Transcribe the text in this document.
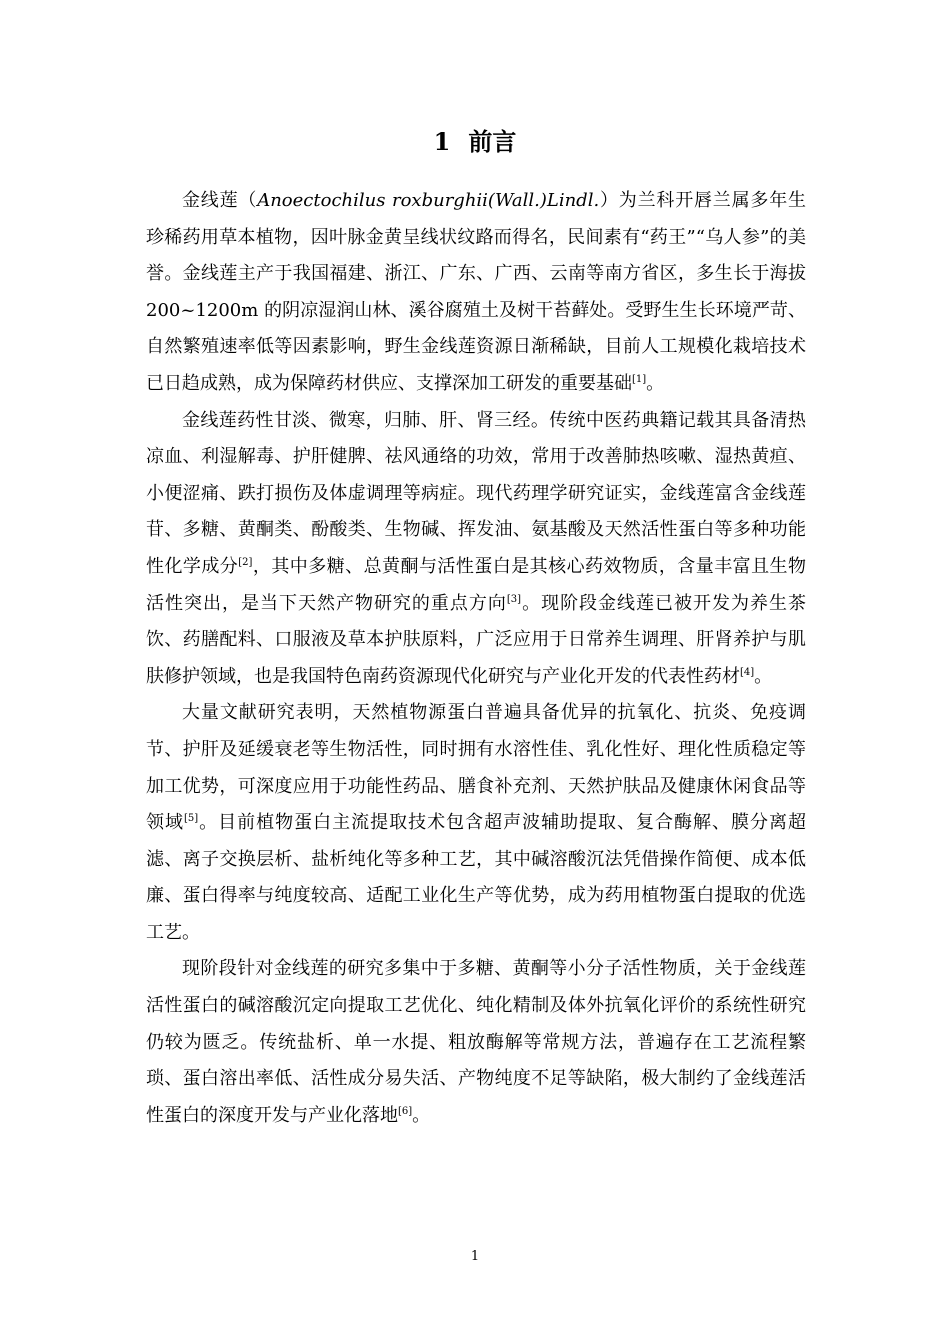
1 前言

金线莲（Anoectochilus roxburghii(Wall.)Lindl.）为兰科开唇兰属多年生珍稀药用草本植物，因叶脉金黄呈线状纹路而得名，民间素有“药王”“乌人参”的美誉。金线莲主产于我国福建、浙江、广东、广西、云南等南方省区，多生长于海拔 200~1200m 的阴凉湿润山林、溪谷腐殖土及树干苔藓处。受野生生长环境严苛、自然繁殖速率低等因素影响，野生金线莲资源日渐稀缺，目前人工规模化栽培技术已日趋成熟，成为保障药材供应、支撑深加工研发的重要基础[1]。

金线莲药性甘淡、微寒，归肺、肝、肾三经。传统中医药典籍记载其具备清热凉血、利湿解毒、护肝健脾、祛风通络的功效，常用于改善肺热咳嗽、湿热黄疸、小便涩痛、跌打损伤及体虚调理等病症。现代药理学研究证实，金线莲富含金线莲苷、多糖、黄酮类、酚酸类、生物碱、挥发油、氨基酸及天然活性蛋白等多种功能性化学成分[2]，其中多糖、总黄酮与活性蛋白是其核心药效物质，含量丰富且生物活性突出，是当下天然产物研究的重点方向[3]。现阶段金线莲已被开发为养生茶饮、药膳配料、口服液及草本护肤原料，广泛应用于日常养生调理、肝肾养护与肌肤修护领域，也是我国特色南药资源现代化研究与产业化开发的代表性药材[4]。

大量文献研究表明，天然植物源蛋白普遍具备优异的抗氧化、抗炎、免疫调节、护肝及延缓衰老等生物活性，同时拥有水溶性佳、乳化性好、理化性质稳定等加工优势，可深度应用于功能性药品、膳食补充剂、天然护肤品及健康休闲食品等领域[5]。目前植物蛋白主流提取技术包含超声波辅助提取、复合酶解、膜分离超滤、离子交换层析、盐析纯化等多种工艺，其中碱溶酸沉法凭借操作简便、成本低廉、蛋白得率与纯度较高、适配工业化生产等优势，成为药用植物蛋白提取的优选工艺。

现阶段针对金线莲的研究多集中于多糖、黄酮等小分子活性物质，关于金线莲活性蛋白的碱溶酸沉定向提取工艺优化、纯化精制及体外抗氧化评价的系统性研究仍较为匮乏。传统盐析、单一水提、粗放酶解等常规方法，普遍存在工艺流程繁琐、蛋白溶出率低、活性成分易失活、产物纯度不足等缺陷，极大制约了金线莲活性蛋白的深度开发与产业化落地[6]。

1
